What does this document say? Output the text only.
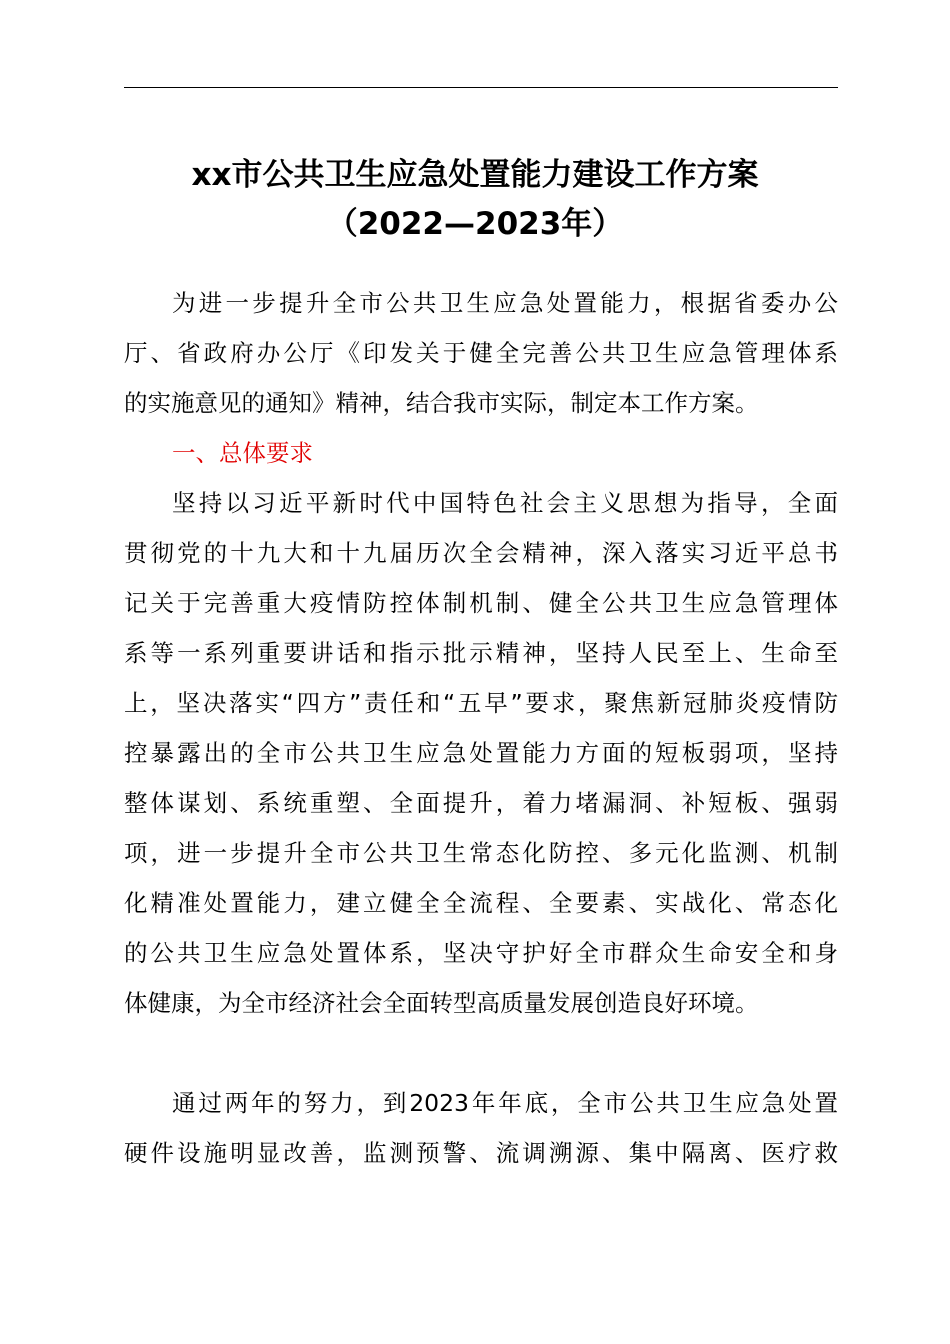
xx市公共卫生应急处置能力建设工作方案
（2022—2023年）

为进一步提升全市公共卫生应急处置能力，根据省委办公
厅、省政府办公厅《印发关于健全完善公共卫生应急管理体系
的实施意见的通知》精神，结合我市实际，制定本工作方案。

一、总体要求

坚持以习近平新时代中国特色社会主义思想为指导，全面
贯彻党的十九大和十九届历次全会精神，深入落实习近平总书
记关于完善重大疫情防控体制机制、健全公共卫生应急管理体
系等一系列重要讲话和指示批示精神，坚持人民至上、生命至
上，坚决落实“四方”责任和“五早”要求，聚焦新冠肺炎疫情防
控暴露出的全市公共卫生应急处置能力方面的短板弱项，坚持
整体谋划、系统重塑、全面提升，着力堵漏洞、补短板、强弱
项，进一步提升全市公共卫生常态化防控、多元化监测、机制
化精准处置能力，建立健全全流程、全要素、实战化、常态化
的公共卫生应急处置体系，坚决守护好全市群众生命安全和身
体健康，为全市经济社会全面转型高质量发展创造良好环境。

通过两年的努力，到2023年年底，全市公共卫生应急处置
硬件设施明显改善，监测预警、流调溯源、集中隔离、医疗救
